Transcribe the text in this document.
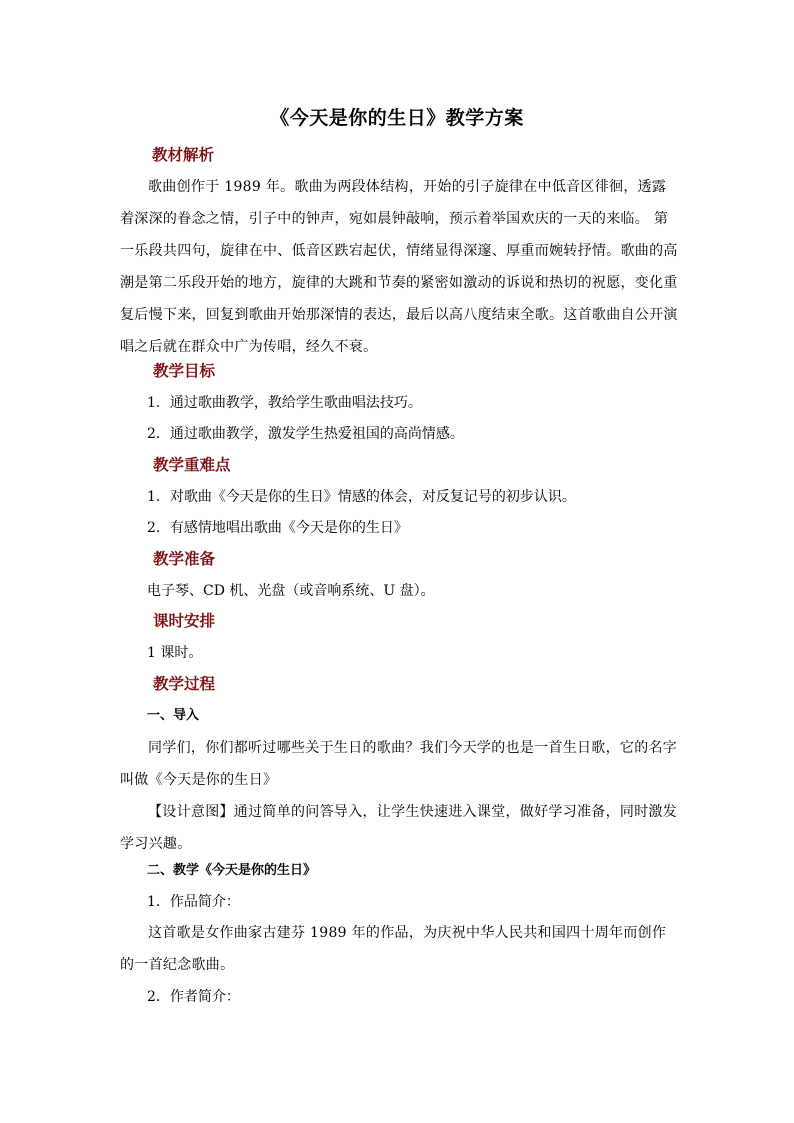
《今天是你的生日》教学方案
教材解析
歌曲创作于 1989 年。歌曲为两段体结构，开始的引子旋律在中低音区徘徊，透露着深深的眷念之情，引子中的钟声，宛如晨钟敲响，预示着举国欢庆的一天的来临。 第一乐段共四句，旋律在中、低音区跌宕起伏，情绪显得深邃、厚重而婉转抒情。歌曲的高潮是第二乐段开始的地方，旋律的大跳和节奏的紧密如激动的诉说和热切的祝愿，变化重复后慢下来，回复到歌曲开始那深情的表达，最后以高八度结束全歌。这首歌曲自公开演唱之后就在群众中广为传唱，经久不衰。
教学目标
1．通过歌曲教学，教给学生歌曲唱法技巧。
2．通过歌曲教学，激发学生热爱祖国的高尚情感。
教学重难点
1．对歌曲《今天是你的生日》情感的体会，对反复记号的初步认识。
2．有感情地唱出歌曲《今天是你的生日》
教学准备
电子琴、CD 机、光盘（或音响系统、U 盘）。
课时安排
1 课时。
教学过程
一、导入
同学们，你们都听过哪些关于生日的歌曲？我们今天学的也是一首生日歌，它的名字叫做《今天是你的生日》
【设计意图】通过简单的问答导入，让学生快速进入课堂，做好学习准备，同时激发学习兴趣。
二、教学《今天是你的生日》
1．作品简介：
这首歌是女作曲家古建芬 1989 年的作品，为庆祝中华人民共和国四十周年而创作的一首纪念歌曲。
2．作者简介：
